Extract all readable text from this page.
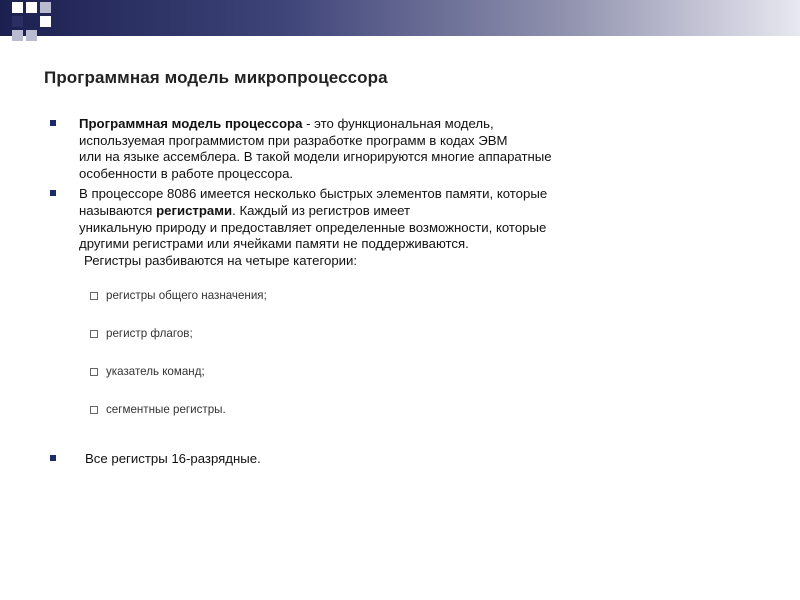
Программная модель микропроцессора
Программная модель процессора - это функциональная модель,
используемая программистом при разработке программ в кодах ЭВМ
или на языке ассемблера. В такой модели игнорируются многие аппаратные
особенности в работе процессора.
В процессоре 8086 имеется несколько быстрых элементов памяти, которые
называются регистрами. Каждый из регистров имеет
уникальную природу и предоставляет определенные возможности, которые
другими регистрами или ячейками памяти не поддерживаются.
Регистры разбиваются на четыре категории:
регистры общего назначения;
регистр флагов;
указатель команд;
сегментные регистры.
Все регистры 16-разрядные.
